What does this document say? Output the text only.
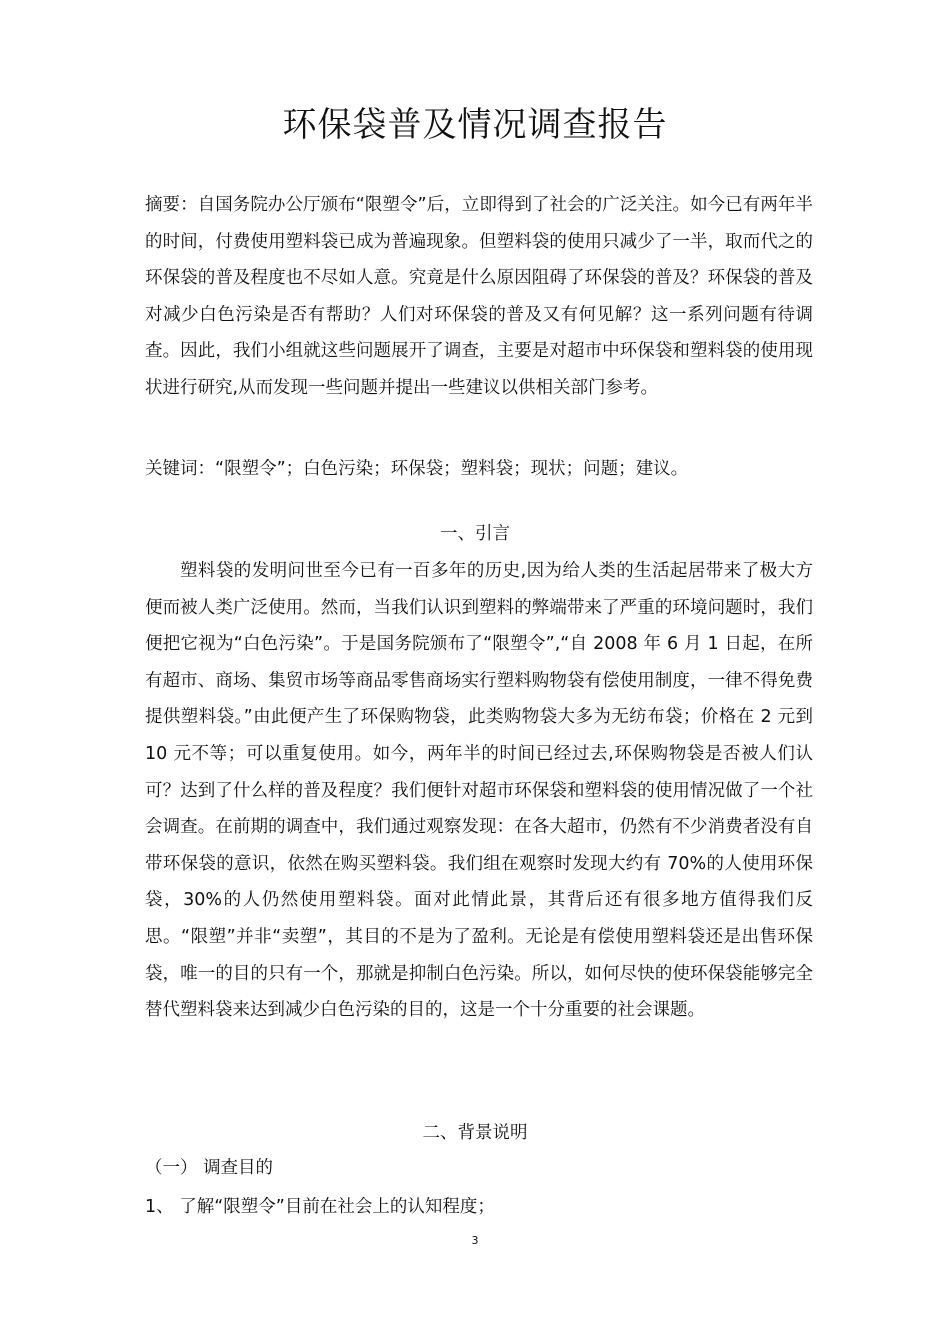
环保袋普及情况调查报告
摘要：自国务院办公厅颁布“限塑令”后，立即得到了社会的广泛关注。如今已有两年半的时间，付费使用塑料袋已成为普遍现象。但塑料袋的使用只减少了一半，取而代之的环保袋的普及程度也不尽如人意。究竟是什么原因阻碍了环保袋的普及？环保袋的普及对减少白色污染是否有帮助？人们对环保袋的普及又有何见解？这一系列问题有待调查。因此，我们小组就这些问题展开了调查，主要是对超市中环保袋和塑料袋的使用现状进行研究,从而发现一些问题并提出一些建议以供相关部门参考。
关键词：“限塑令”；白色污染；环保袋；塑料袋；现状；问题；建议。
一、引言
塑料袋的发明问世至今已有一百多年的历史,因为给人类的生活起居带来了极大方便而被人类广泛使用。然而，当我们认识到塑料的弊端带来了严重的环境问题时，我们便把它视为“白色污染”。于是国务院颁布了“限塑令”,“自 2008 年 6 月 1 日起，在所有超市、商场、集贸市场等商品零售商场实行塑料购物袋有偿使用制度，一律不得免费提供塑料袋。”由此便产生了环保购物袋，此类购物袋大多为无纺布袋；价格在 2 元到 10 元不等；可以重复使用。如今，两年半的时间已经过去,环保购物袋是否被人们认可？达到了什么样的普及程度？我们便针对超市环保袋和塑料袋的使用情况做了一个社会调查。在前期的调查中，我们通过观察发现：在各大超市，仍然有不少消费者没有自带环保袋的意识，依然在购买塑料袋。我们组在观察时发现大约有 70%的人使用环保袋，30%的人仍然使用塑料袋。面对此情此景，其背后还有很多地方值得我们反思。“限塑”并非“卖塑”，其目的不是为了盈利。无论是有偿使用塑料袋还是出售环保袋，唯一的目的只有一个，那就是抑制白色污染。所以，如何尽快的使环保袋能够完全替代塑料袋来达到减少白色污染的目的，这是一个十分重要的社会课题。
二、背景说明
（一） 调查目的
1、 了解“限塑令”目前在社会上的认知程度；
3
